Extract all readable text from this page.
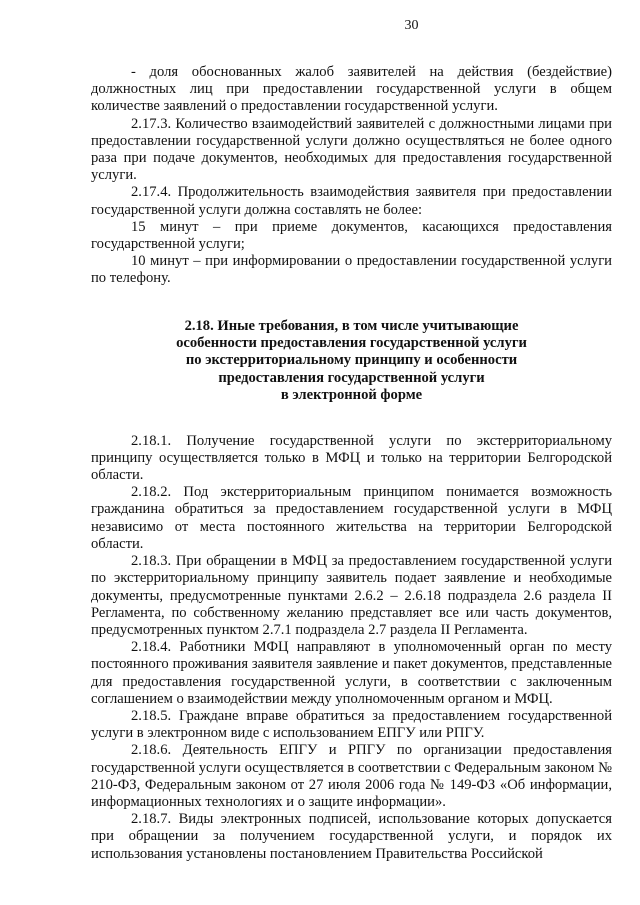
30

- доля обоснованных жалоб заявителей на действия (бездействие) должностных лиц при предоставлении государственной услуги в общем количестве заявлений о предоставлении государственной услуги.

2.17.3. Количество взаимодействий заявителей с должностными лицами при предоставлении государственной услуги должно осуществляться не более одного раза при подаче документов, необходимых для предоставления государственной услуги.

2.17.4. Продолжительность взаимодействия заявителя при предоставлении государственной услуги должна составлять не более:

15 минут – при приеме документов, касающихся предоставления государственной услуги;

10 минут – при информировании о предоставлении государственной услуги по телефону.

2.18. Иные требования, в том числе учитывающие
особенности предоставления государственной услуги
по экстерриториальному принципу и особенности
предоставления государственной услуги
в электронной форме

2.18.1. Получение государственной услуги по экстерриториальному принципу осуществляется только в МФЦ и только на территории Белгородской области.

2.18.2. Под экстерриториальным принципом понимается возможность гражданина обратиться за предоставлением государственной услуги в МФЦ независимо от места постоянного жительства на территории Белгородской области.

2.18.3. При обращении в МФЦ за предоставлением государственной услуги по экстерриториальному принципу заявитель подает заявление и необходимые документы, предусмотренные пунктами 2.6.2 – 2.6.18 подраздела 2.6 раздела II Регламента, по собственному желанию представляет все или часть документов, предусмотренных пунктом 2.7.1 подраздела 2.7 раздела II Регламента.

2.18.4. Работники МФЦ направляют в уполномоченный орган по месту постоянного проживания заявителя заявление и пакет документов, представленные для предоставления государственной услуги, в соответствии с заключенным соглашением о взаимодействии между уполномоченным органом и МФЦ.

2.18.5. Граждане вправе обратиться за предоставлением государственной услуги в электронном виде с использованием ЕПГУ или РПГУ.

2.18.6. Деятельность ЕПГУ и РПГУ по организации предоставления государственной услуги осуществляется в соответствии с Федеральным законом № 210-ФЗ, Федеральным законом от 27 июля 2006 года № 149-ФЗ «Об информации, информационных технологиях и о защите информации».

2.18.7. Виды электронных подписей, использование которых допускается при обращении за получением государственной услуги, и порядок их использования установлены постановлением Правительства Российской
